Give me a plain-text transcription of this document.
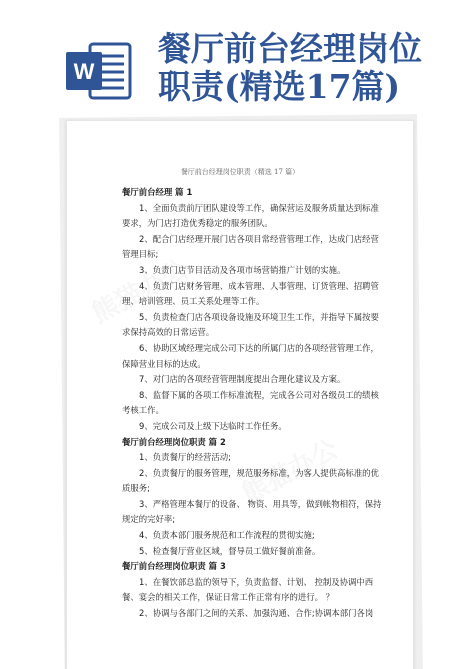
W
餐厅前台经理岗位
职责(精选17篇)
餐厅前台经理岗位职责（精选 17 篇）
餐厅前台经理 篇 1
1、全面负责前厅团队建设等工作，确保营运及服务质量达到标准要求，为门店打造优秀稳定的服务团队。
2、配合门店经理开展门店各项目常经营管理工作，达成门店经营管理目标;
3、负责门店节目活动及各项市场营销推广计划的实施。
4、负责门店财务管理、成本管理、人事管理、订货管理、招聘管理、培训管理、员工关系处理等工作。
5、负责检查门店各项设备设施及环境卫生工作，并指导下属按要求保持高效的日常运营。
6、协助区域经理完成公司下达的所属门店的各项经营管理工作，保障营业目标的达成。
7、对门店的各项经营管理制度提出合理化建议及方案。
8、监督下属的各项工作标准流程，完成各公司对各级员工的绩核考核工作。
9、完成公司及上级下达临时工作任务。
餐厅前台经理岗位职责 篇 2
1、负责餐厅的经营活动;
2、负责餐厅的服务管理，规范服务标准，为客人提供高标准的优质服务;
3、严格管理本餐厅的设备、 物资、用具等，做到帐物相符，保持规定的完好率;
4、负责本部门服务规范和工作流程的贯彻实施;
5、检查餐厅营业区域，督导员工做好餐前准备。
餐厅前台经理岗位职责 篇 3
1、在餐饮部总监的领导下，负责监督、计划、 控制及协调中西餐、宴会的相关工作，保证日常工作正常有序的进行。 ？
2、协调与各部门之间的关系、加强沟通、合作;协调本部门各岗
